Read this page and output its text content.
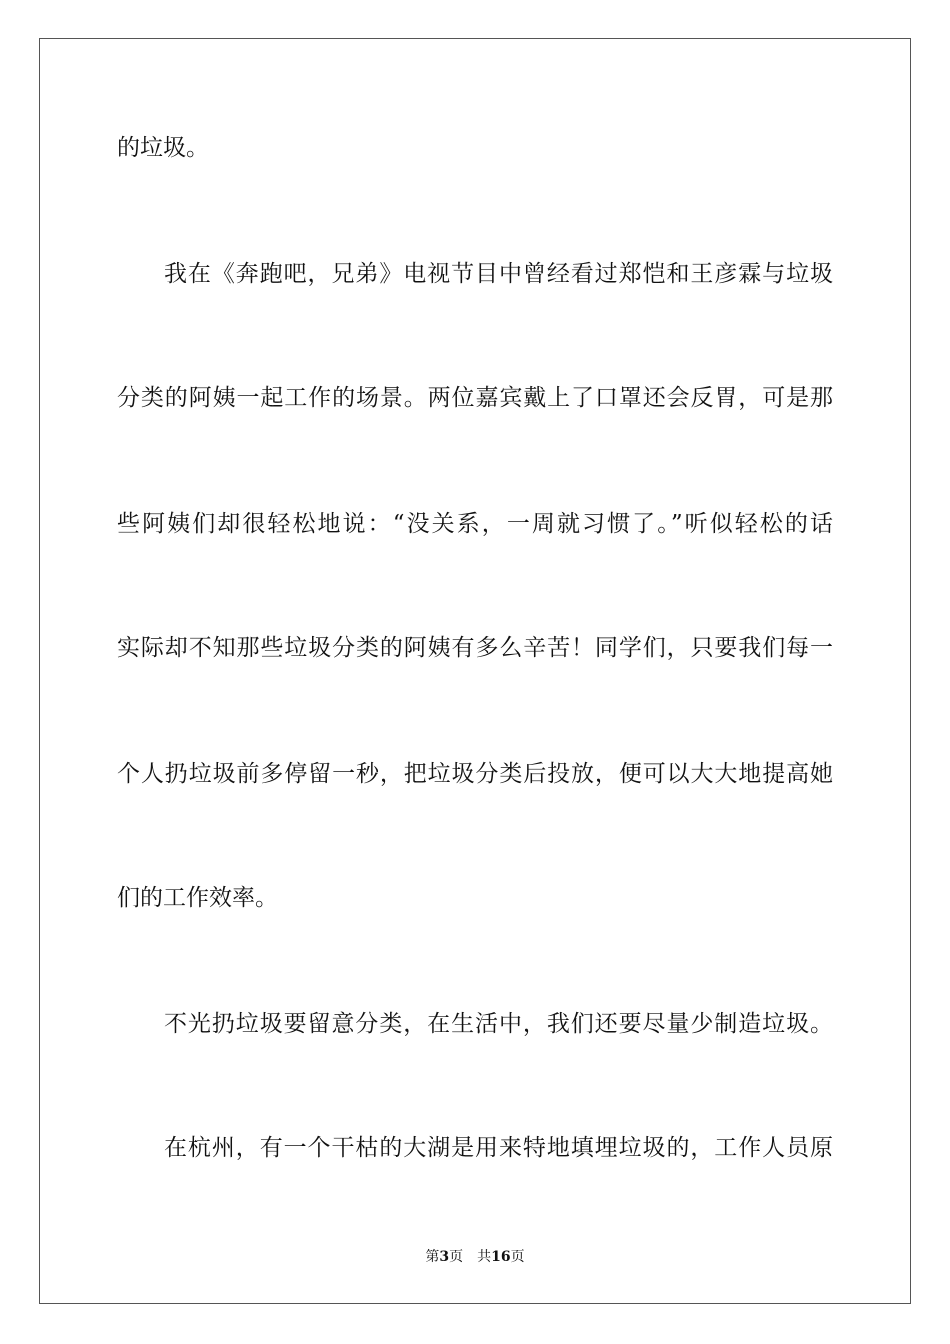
的垃圾。
我在《奔跑吧，兄弟》电视节目中曾经看过郑恺和王彦霖与垃圾
分类的阿姨一起工作的场景。两位嘉宾戴上了口罩还会反胃，可是那
些阿姨们却很轻松地说：“没关系，一周就习惯了。”听似轻松的话
实际却不知那些垃圾分类的阿姨有多么辛苦！同学们，只要我们每一
个人扔垃圾前多停留一秒，把垃圾分类后投放，便可以大大地提高她
们的工作效率。
不光扔垃圾要留意分类，在生活中，我们还要尽量少制造垃圾。
在杭州，有一个干枯的大湖是用来特地填埋垃圾的，工作人员原
第3页 共16页
